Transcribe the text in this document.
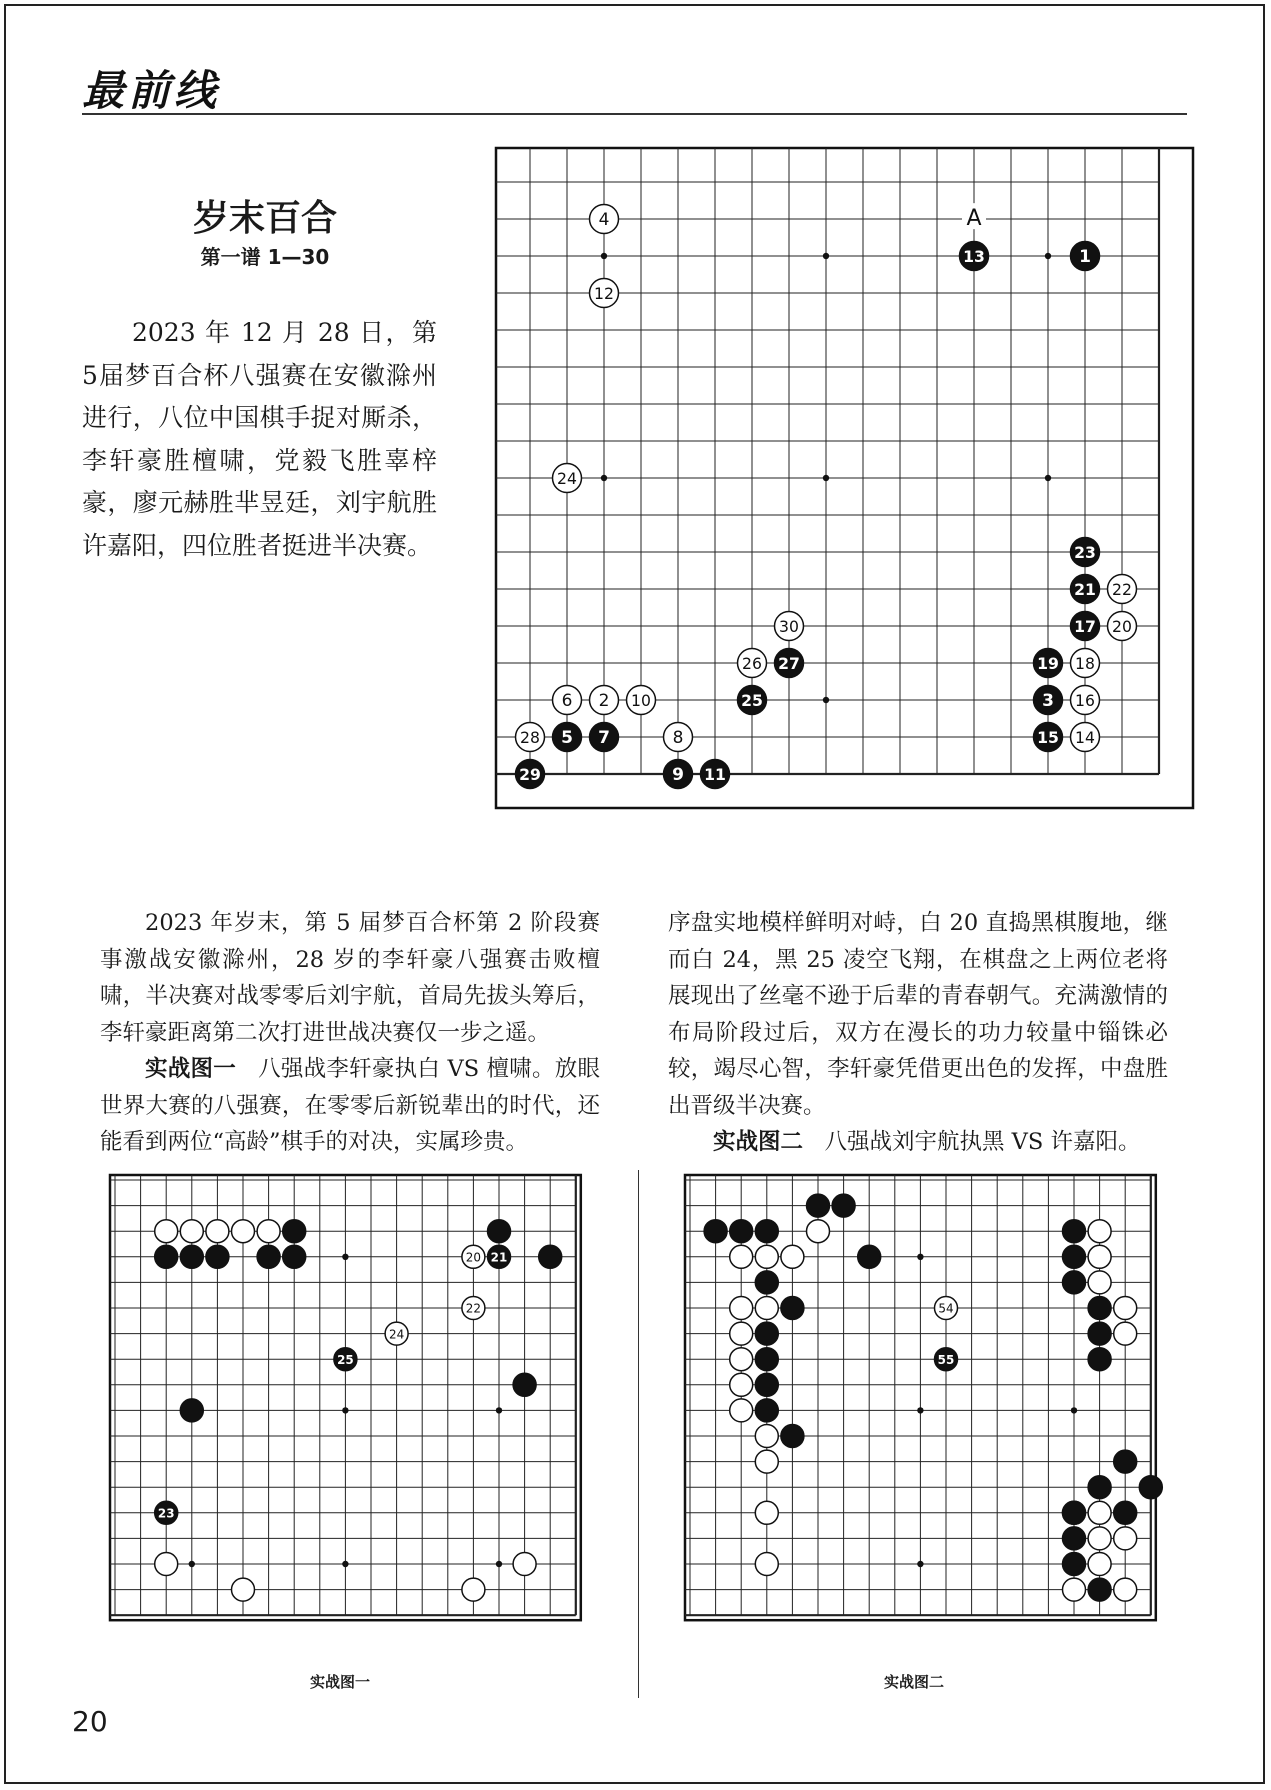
最前线
岁末百合
第一谱 1—30
2023 年 12 月 28 日，第5届梦百合杯八强赛在安徽滁州进行，八位中国棋手捉对厮杀，李轩豪胜檀啸，党毅飞胜辜梓豪，廖元赫胜芈昱廷，刘宇航胜许嘉阳，四位胜者挺进半决赛。
A
1
2	3
4
5
6
7	8
9
10
11
12
13
14
15
16
17
18
19
20
21 22
23
24
25
26 27
28
29
30

2023 年岁末，第 5 届梦百合杯第 2 阶段赛事激战安徽滁州，28 岁的李轩豪八强赛击败檀啸，半决赛对战零零后刘宇航，首局先拔头筹后，李轩豪距离第二次打进世战决赛仅一步之遥。

实战图一 八强战李轩豪执白 VS 檀啸。放眼世界大赛的八强赛，在零零后新锐辈出的时代，还能看到两位“高龄”棋手的对决，实属珍贵。

序盘实地模样鲜明对峙，白 20 直捣黑棋腹地，继而白 24，黑 25 凌空飞翔，在棋盘之上两位老将展现出了丝毫不逊于后辈的青春朝气。充满激情的布局阶段过后，双方在漫长的功力较量中锱铢必较，竭尽心智，李轩豪凭借更出色的发挥，中盘胜出晋级半决赛。

实战图二 八强战刘宇航执黑 VS 许嘉阳。

20 21
22
24
25
23
54
55
实战图一	实战图二
20
